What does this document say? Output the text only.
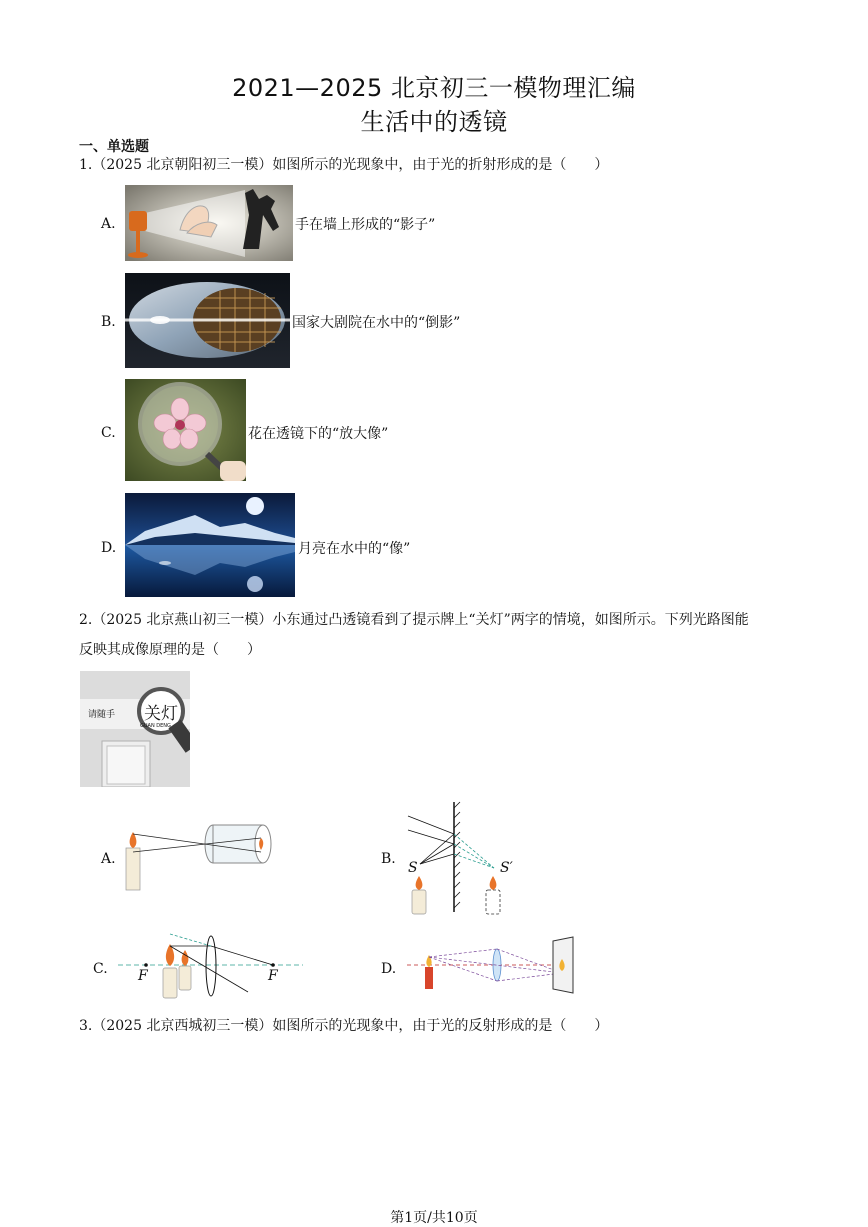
2021—2025 北京初三一模物理汇编
生活中的透镜
一、单选题
1.（2025 北京朝阳初三一模）如图所示的光现象中，由于光的折射形成的是（　　）
A.	手在墙上形成的“影子”
B.	国家大剧院在水中的“倒影”
C.	花在透镜下的“放大像”
D.	月亮在水中的“像”
2.（2025 北京燕山初三一模）小东通过凸透镜看到了提示牌上“关灯”两字的情境，如图所示。下列光路图能
反映其成像原理的是（　　）
请随手 关灯
GUAN DENG
A.	B.
S	S′
C. F	F	D.
3.（2025 北京西城初三一模）如图所示的光现象中，由于光的反射形成的是（　　）
第1页/共10页
